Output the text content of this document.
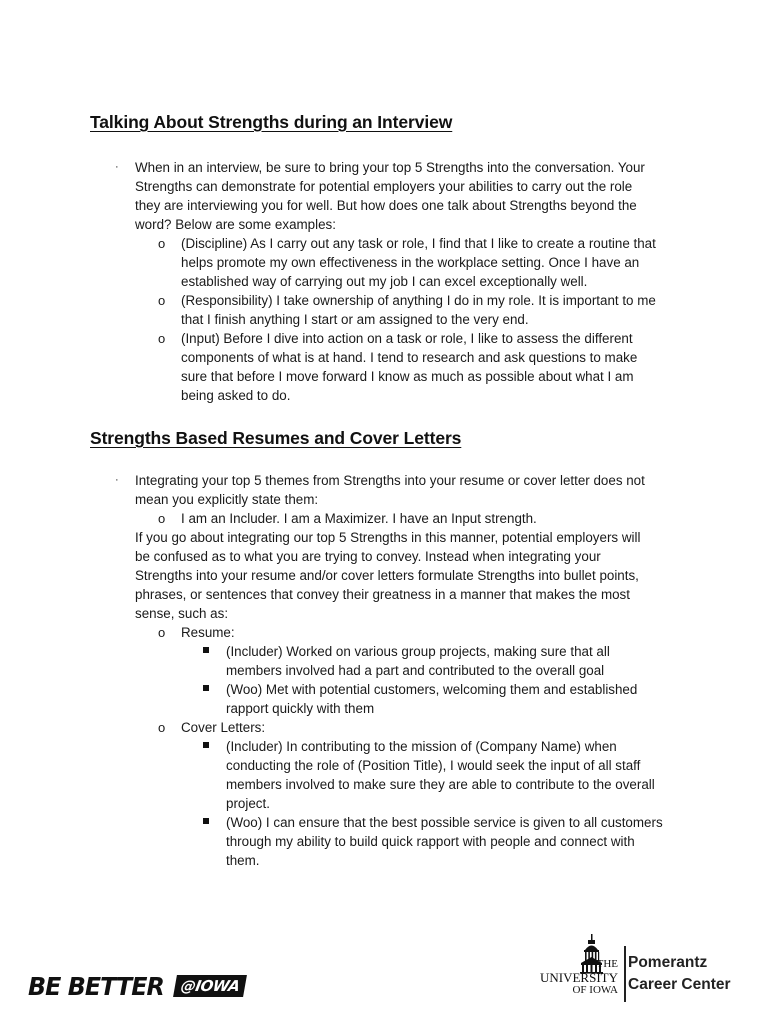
Talking About Strengths during an Interview
· When in an interview, be sure to bring your top 5 Strengths into the conversation. Your
Strengths can demonstrate for potential employers your abilities to carry out the role
they are interviewing you for well. But how does one talk about Strengths beyond the
word? Below are some examples:
o (Discipline) As I carry out any task or role, I find that I like to create a routine that
helps promote my own effectiveness in the workplace setting. Once I have an
established way of carrying out my job I can excel exceptionally well.
o (Responsibility) I take ownership of anything I do in my role. It is important to me
that I finish anything I start or am assigned to the very end.
o (Input) Before I dive into action on a task or role, I like to assess the different
components of what is at hand. I tend to research and ask questions to make
sure that before I move forward I know as much as possible about what I am
being asked to do.
Strengths Based Resumes and Cover Letters
· Integrating your top 5 themes from Strengths into your resume or cover letter does not
mean you explicitly state them:
o I am an Includer. I am a Maximizer. I have an Input strength.
If you go about integrating our top 5 Strengths in this manner, potential employers will
be confused as to what you are trying to convey. Instead when integrating your
Strengths into your resume and/or cover letters formulate Strengths into bullet points,
phrases, or sentences that convey their greatness in a manner that makes the most
sense, such as:
o Resume:
(Includer) Worked on various group projects, making sure that all
members involved had a part and contributed to the overall goal
(Woo) Met with potential customers, welcoming them and established
rapport quickly with them
o Cover Letters:
(Includer) In contributing to the mission of (Company Name) when
conducting the role of (Position Title), I would seek the input of all staff
members involved to make sure they are able to contribute to the overall
project.
(Woo) I can ensure that the best possible service is given to all customers
through my ability to build quick rapport with people and connect with
them.
BE BETTER	@IOWA
THE
UNIVERSITY
OF IOWA
Pomerantz
Career Center
